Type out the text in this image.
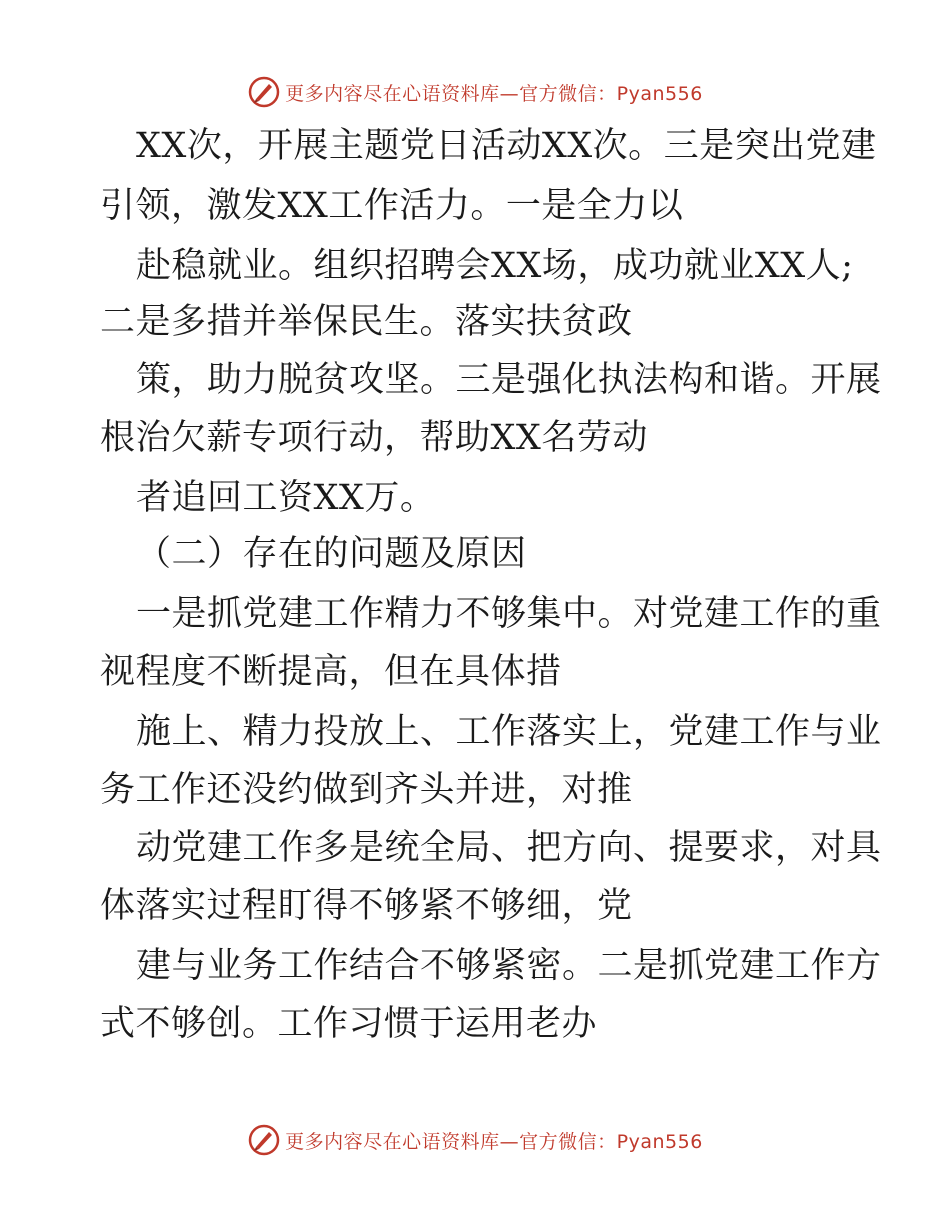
更多内容尽在心语资料库—官方微信：Pyan556
XX次，开展主题党日活动XX次。三是突出党建
引领，激发XX工作活力。一是全力以
赴稳就业。组织招聘会XX场，成功就业XX人;
二是多措并举保民生。落实扶贫政
策，助力脱贫攻坚。三是强化执法构和谐。开展
根治欠薪专项行动，帮助XX名劳动
者追回工资XX万。
（二）存在的问题及原因
一是抓党建工作精力不够集中。对党建工作的重
视程度不断提高，但在具体措
施上、精力投放上、工作落实上，党建工作与业
务工作还没约做到齐头并进，对推
动党建工作多是统全局、把方向、提要求，对具
体落实过程盯得不够紧不够细，党
建与业务工作结合不够紧密。二是抓党建工作方
式不够创。工作习惯于运用老办
更多内容尽在心语资料库—官方微信：Pyan556
